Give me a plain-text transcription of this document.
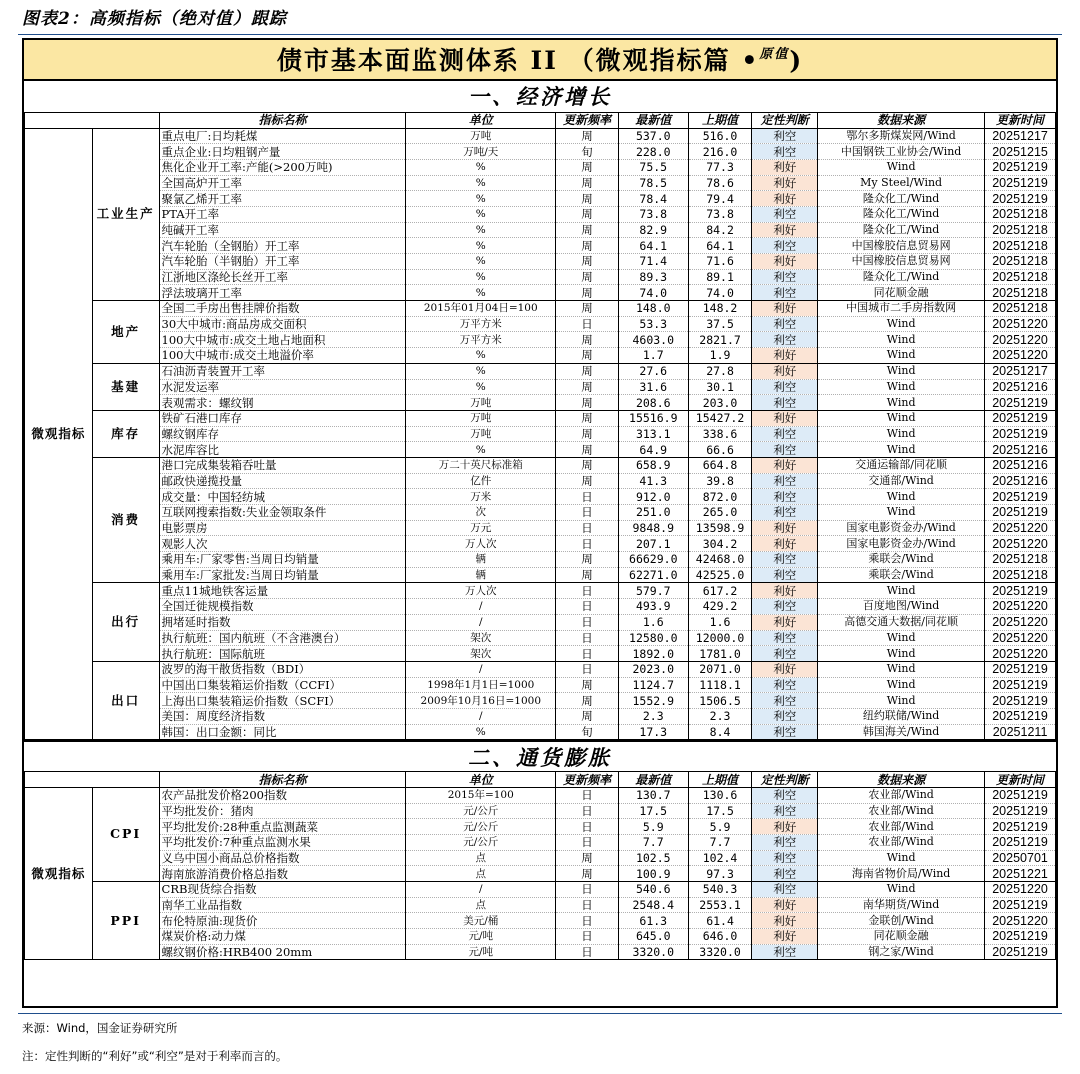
图表2：高频指标（绝对值）跟踪
债市基本面监测体系 II （微观指标篇 •$^{原值}$)
一、经济增长
		指标名称	单位	更新频率	最新值	上期值	定性判断	数据来源	更新时间
微观指标	工业生产	重点电厂:日均耗煤	万吨	周	537.0	516.0	利空	鄂尔多斯煤炭网/Wind	20251217
		重点企业:日均粗钢产量	万吨/天	旬	228.0	216.0	利空	中国钢铁工业协会/Wind	20251215
		焦化企业开工率:产能(>200万吨)	%	周	75.5	77.3	利好	Wind	20251219
		全国高炉开工率	%	周	78.5	78.6	利好	My Steel/Wind	20251219
		聚氯乙烯开工率	%	周	78.4	79.4	利好	隆众化工/Wind	20251219
		PTA开工率	%	周	73.8	73.8	利空	隆众化工/Wind	20251218
		纯碱开工率	%	周	82.9	84.2	利好	隆众化工/Wind	20251218
		汽车轮胎（全钢胎）开工率	%	周	64.1	64.1	利空	中国橡胶信息贸易网	20251218
		汽车轮胎（半钢胎）开工率	%	周	71.4	71.6	利好	中国橡胶信息贸易网	20251218
		江浙地区涤纶长丝开工率	%	周	89.3	89.1	利空	隆众化工/Wind	20251218
		浮法玻璃开工率	%	周	74.0	74.0	利空	同花顺金融	20251218
	地产	全国二手房出售挂牌价指数	2015年01月04日=100	周	148.0	148.2	利好	中国城市二手房指数网	20251218
		30大中城市:商品房成交面积	万平方米	日	53.3	37.5	利空	Wind	20251220
		100大中城市:成交土地占地面积	万平方米	周	4603.0	2821.7	利空	Wind	20251220
		100大中城市:成交土地溢价率	%	周	1.7	1.9	利好	Wind	20251220
	基建	石油沥青装置开工率	%	周	27.6	27.8	利好	Wind	20251217
		水泥发运率	%	周	31.6	30.1	利空	Wind	20251216
		表观需求：螺纹钢	万吨	周	208.6	203.0	利空	Wind	20251219
	库存	铁矿石港口库存	万吨	周	15516.9	15427.2	利好	Wind	20251219
		螺纹钢库存	万吨	周	313.1	338.6	利空	Wind	20251219
		水泥库容比	%	周	64.9	66.6	利空	Wind	20251216
	消费	港口完成集装箱吞吐量	万二十英尺标准箱	周	658.9	664.8	利好	交通运输部/同花顺	20251216
		邮政快递揽投量	亿件	周	41.3	39.8	利空	交通部/Wind	20251216
		成交量：中国轻纺城	万米	日	912.0	872.0	利空	Wind	20251219
		互联网搜索指数:失业金领取条件	次	日	251.0	265.0	利空	Wind	20251219
		电影票房	万元	日	9848.9	13598.9	利好	国家电影资金办/Wind	20251220
		观影人次	万人次	日	207.1	304.2	利好	国家电影资金办/Wind	20251220
		乘用车:厂家零售:当周日均销量	辆	周	66629.0	42468.0	利空	乘联会/Wind	20251218
		乘用车:厂家批发:当周日均销量	辆	周	62271.0	42525.0	利空	乘联会/Wind	20251218
	出行	重点11城地铁客运量	万人次	日	579.7	617.2	利好	Wind	20251219
		全国迁徙规模指数	/	日	493.9	429.2	利空	百度地图/Wind	20251220
		拥堵延时指数	/	日	1.6	1.6	利好	高德交通大数据/同花顺	20251220
		执行航班：国内航班（不含港澳台）	架次	日	12580.0	12000.0	利空	Wind	20251220
		执行航班：国际航班	架次	日	1892.0	1781.0	利空	Wind	20251220
	出口	波罗的海干散货指数（BDI）	/	日	2023.0	2071.0	利好	Wind	20251219
		中国出口集装箱运价指数（CCFI）	1998年1月1日=1000	周	1124.7	1118.1	利空	Wind	20251219
		上海出口集装箱运价指数（SCFI）	2009年10月16日=1000	周	1552.9	1506.5	利空	Wind	20251219
		美国：周度经济指数	/	周	2.3	2.3	利空	纽约联储/Wind	20251219
		韩国：出口金额：同比	%	旬	17.3	8.4	利空	韩国海关/Wind	20251211
二、通货膨胀
		指标名称	单位	更新频率	最新值	上期值	定性判断	数据来源	更新时间
微观指标	CPI	农产品批发价格200指数	2015年=100	日	130.7	130.6	利空	农业部/Wind	20251219
		平均批发价：猪肉	元/公斤	日	17.5	17.5	利空	农业部/Wind	20251219
		平均批发价:28种重点监测蔬菜	元/公斤	日	5.9	5.9	利好	农业部/Wind	20251219
		平均批发价:7种重点监测水果	元/公斤	日	7.7	7.7	利空	农业部/Wind	20251219
		义乌中国小商品总价格指数	点	周	102.5	102.4	利空	Wind	20250701
		海南旅游消费价格总指数	点	周	100.9	97.3	利空	海南省物价局/Wind	20251221
	PPI	CRB现货综合指数	/	日	540.6	540.3	利空	Wind	20251220
		南华工业品指数	点	日	2548.4	2553.1	利好	南华期货/Wind	20251219
		布伦特原油:现货价	美元/桶	日	61.3	61.4	利好	金联创/Wind	20251220
		煤炭价格:动力煤	元/吨	日	645.0	646.0	利好	同花顺金融	20251219
		螺纹钢价格:HRB400 20mm	元/吨	日	3320.0	3320.0	利空	钢之家/Wind	20251219
来源：Wind，国金证券研究所
注：定性判断的“利好”或“利空”是对于利率而言的。
